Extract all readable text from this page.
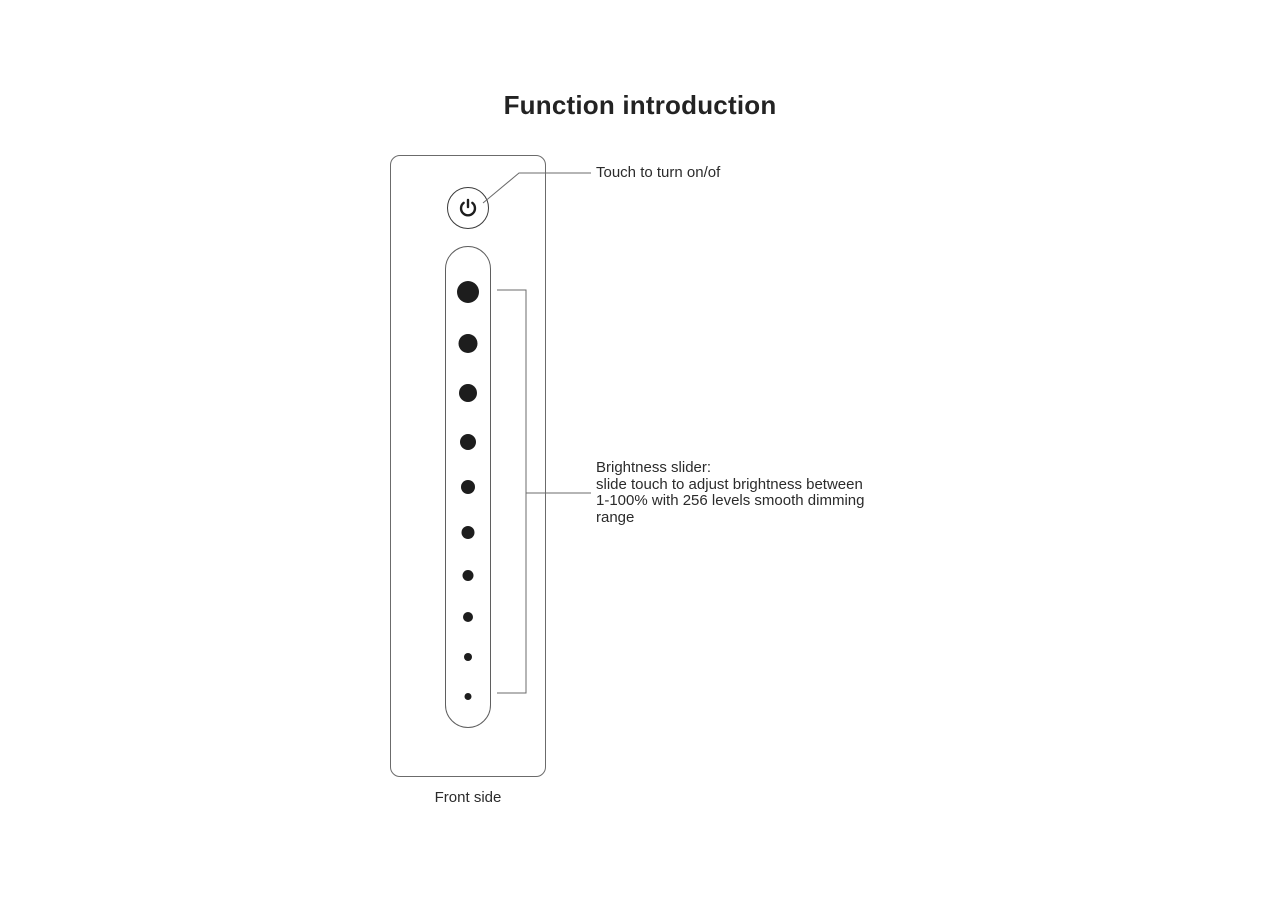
Function introduction
Touch to turn on/of
Brightness slider:
slide touch to adjust brightness between
1-100% with 256 levels smooth dimming
range
Front side
